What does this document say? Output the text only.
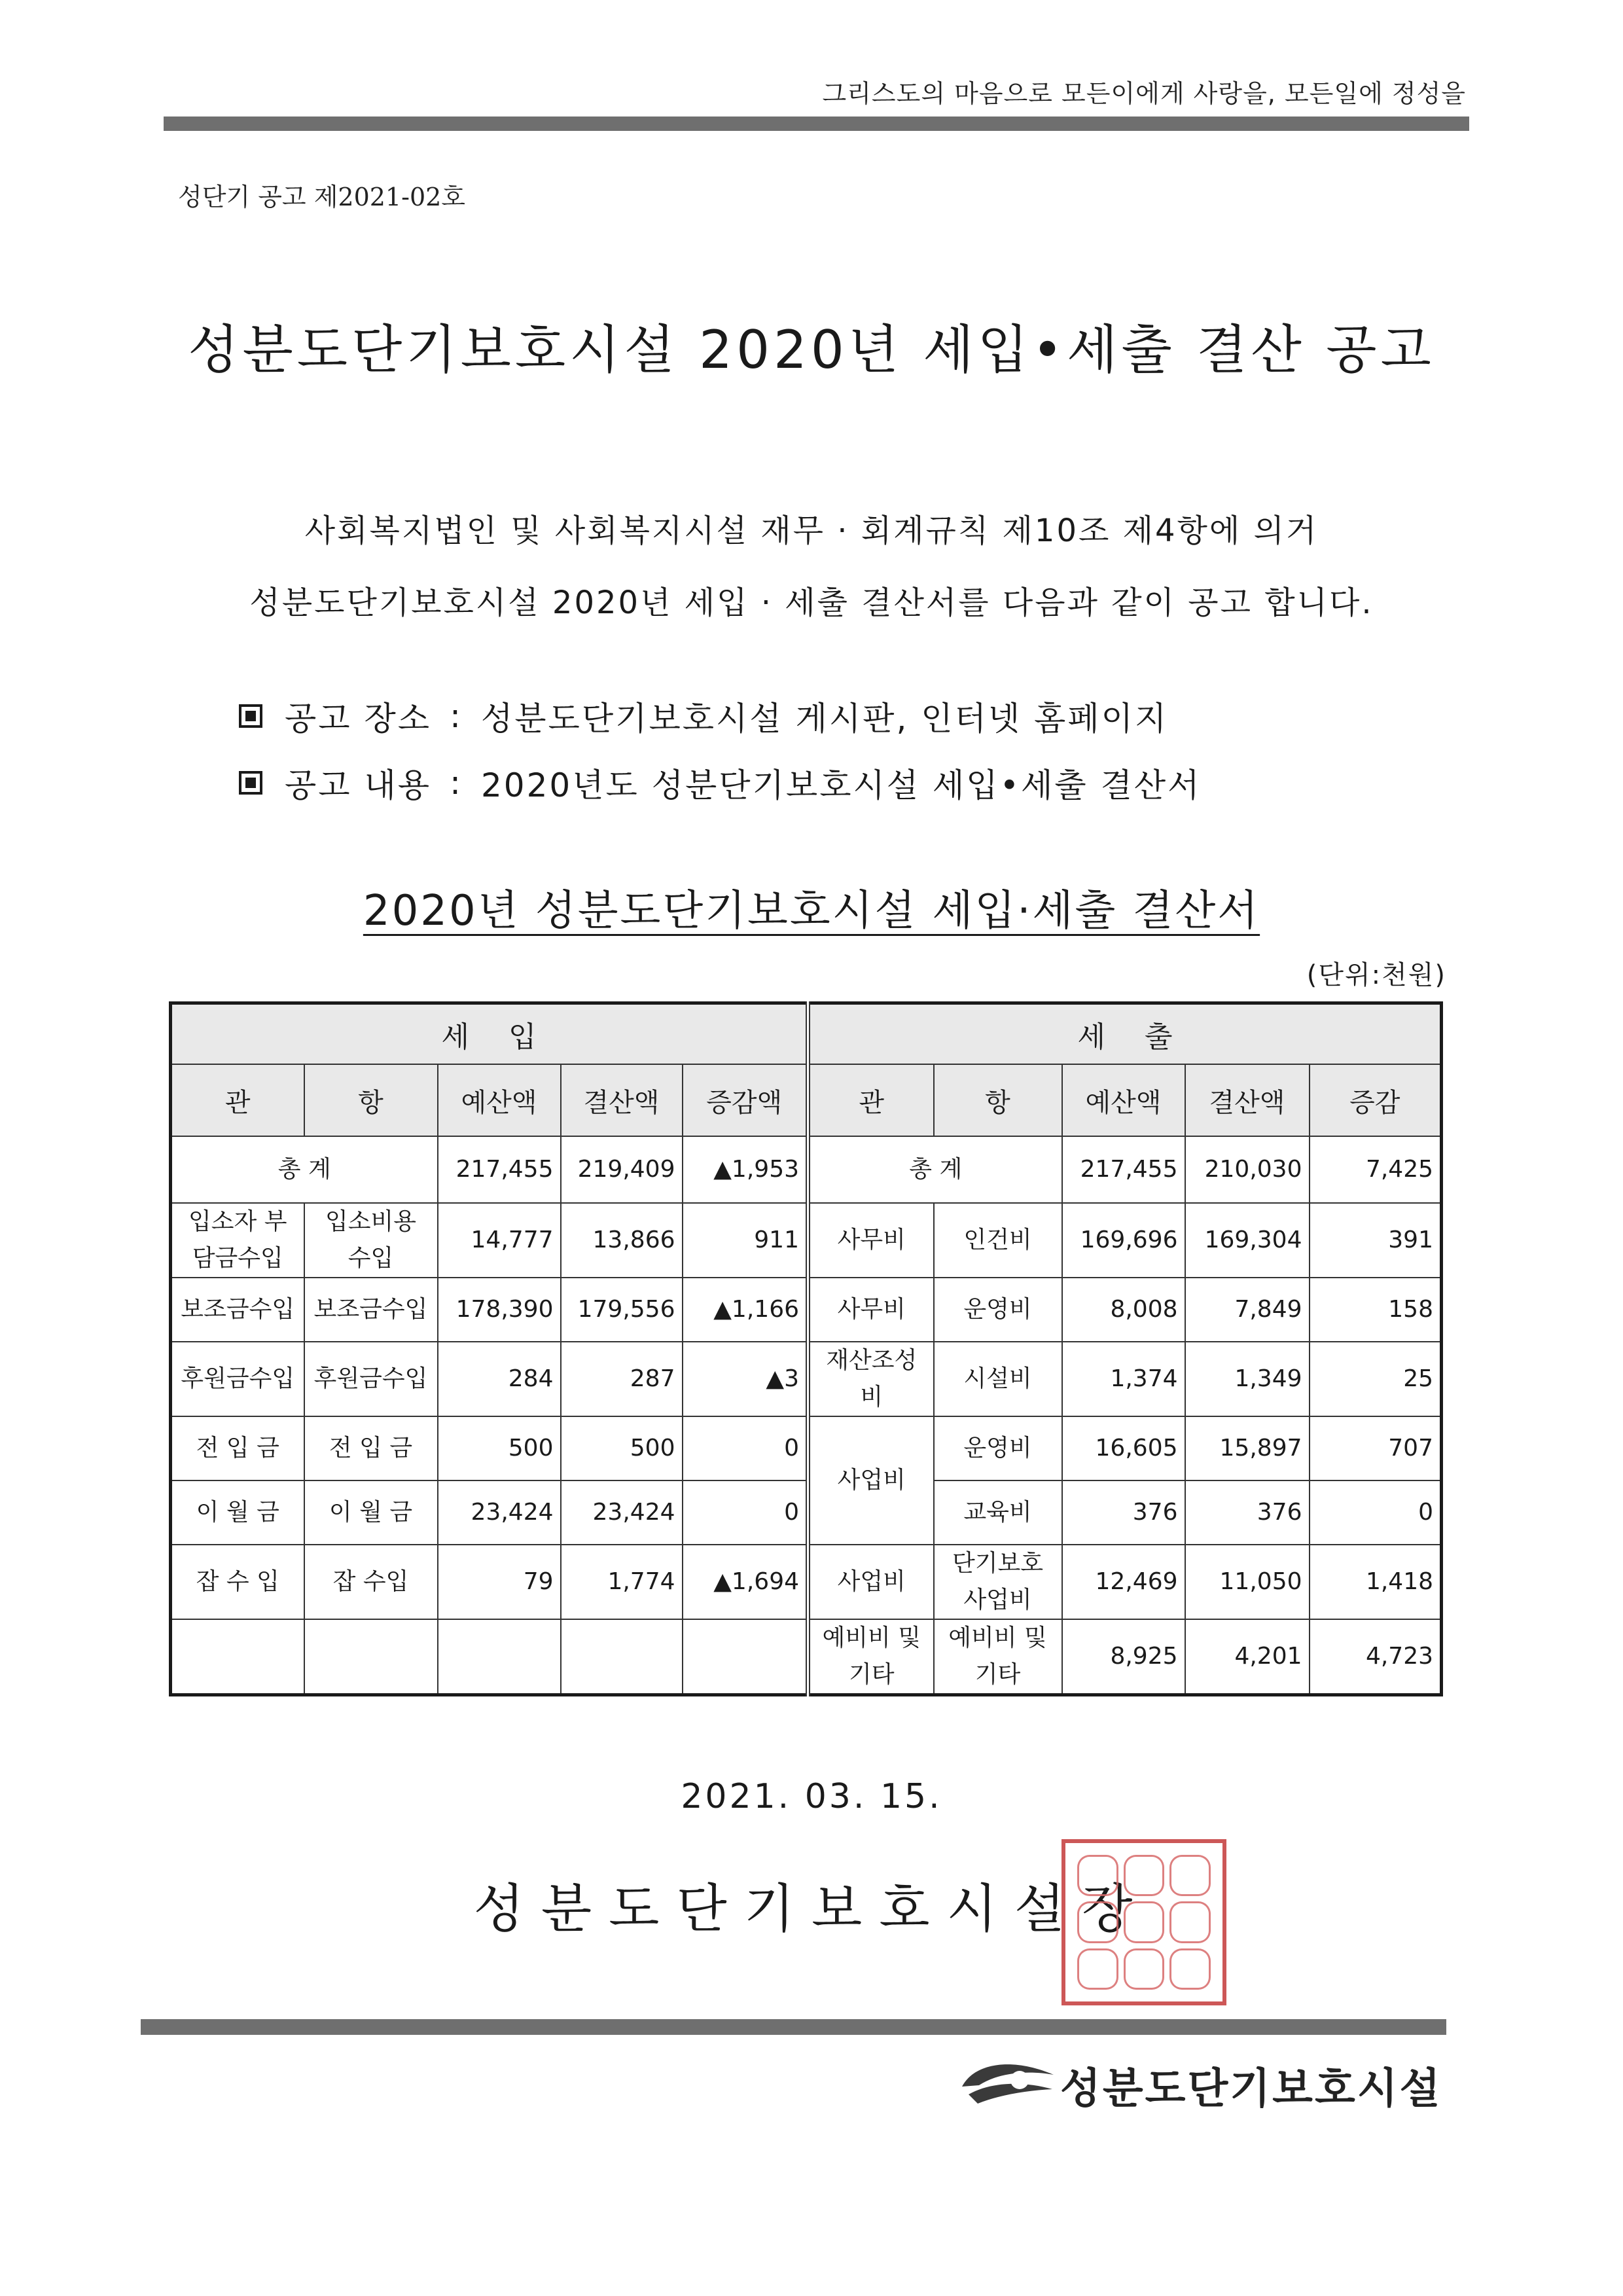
그리스도의 마음으로 모든이에게 사랑을, 모든일에 정성을
성단기 공고 제2021-02호
성분도단기보호시설 2020년 세입•세출 결산 공고
사회복지법인 및 사회복지시설 재무 · 회계규칙 제10조 제4항에 의거
성분도단기보호시설 2020년 세입 · 세출 결산서를 다음과 같이 공고 합니다.
공고 장소 : 성분도단기보호시설 게시판, 인터넷 홈페이지
공고 내용 : 2020년도 성분단기보호시설 세입•세출 결산서
2020년 성분도단기보호시설 세입·세출 결산서
(단위:천원)
세입					세출				
관	항	예산액	결산액	증감액	관	항	예산액	결산액	증감
총 계		217,455	219,409	▲1,953	총 계		217,455	210,030	7,425
입소자 부담금수입	입소비용 수입	14,777	13,866	911	사무비	인건비	169,696	169,304	391
보조금수입	보조금수입	178,390	179,556	▲1,166	사무비	운영비	8,008	7,849	158
후원금수입	후원금수입	284	287	▲3	재산조성비	시설비	1,374	1,349	25
전 입 금	전 입 금	500	500	0	사업비	운영비	16,605	15,897	707
이 월 금	이 월 금	23,424	23,424	0		교육비	376	376	0
잡 수 입	잡 수입	79	1,774	▲1,694	사업비	단기보호 사업비	12,469	11,050	1,418
					예비비 및 기타	예비비 및 기타	8,925	4,201	4,723
2021. 03. 15.
성분도단기보호시설장
성분도단기보호시설
